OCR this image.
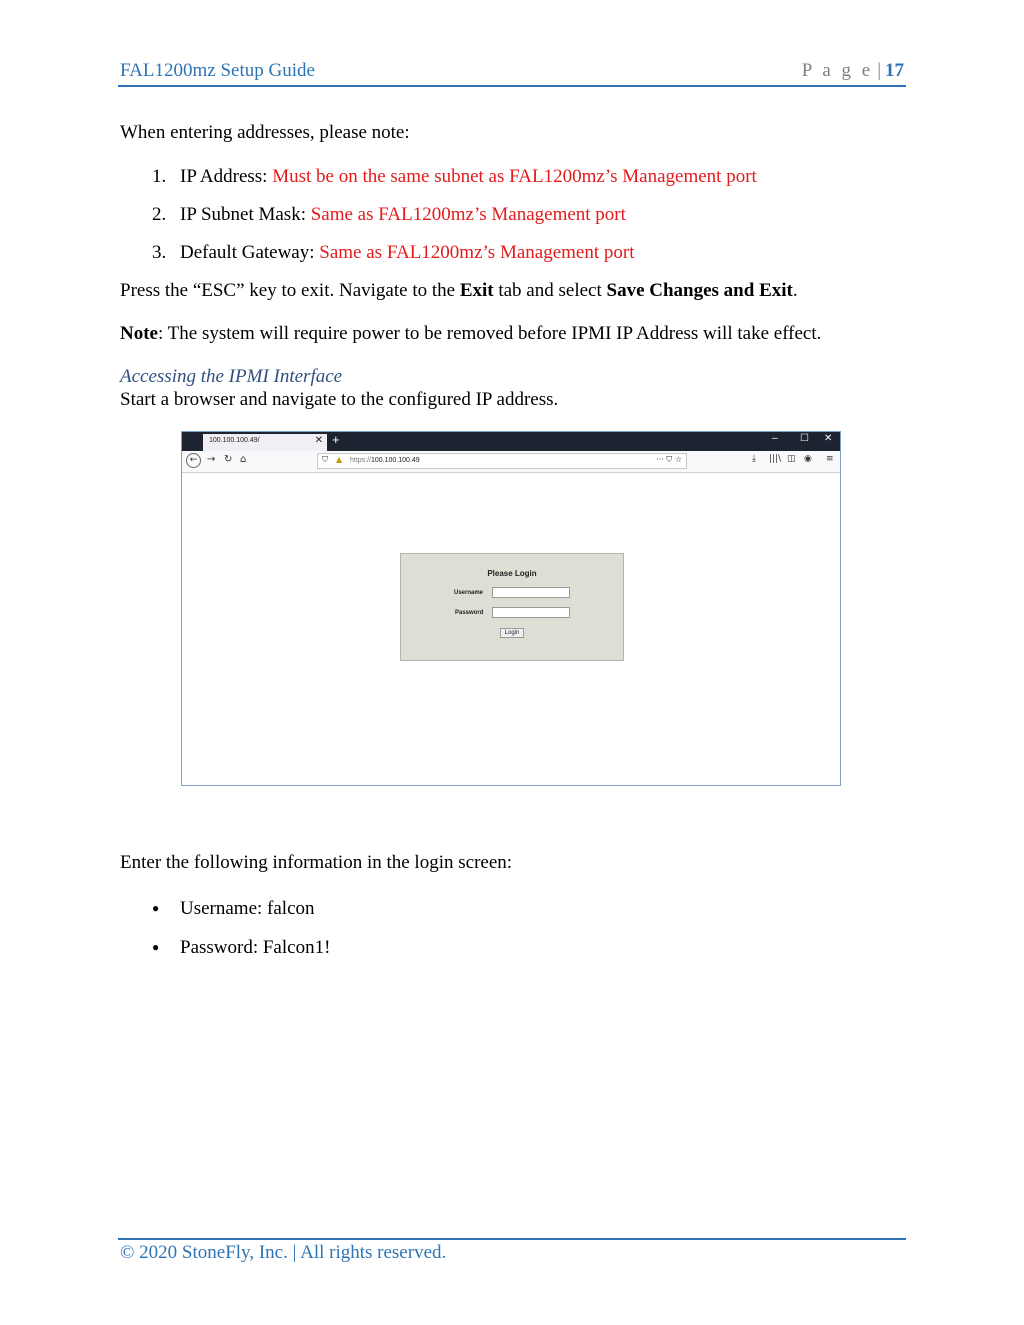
FAL1200mz Setup Guide	P a g e | 17
When entering addresses, please note:
1. IP Address: Must be on the same subnet as FAL1200mz’s Management port
2. IP Subnet Mask: Same as FAL1200mz’s Management port
3. Default Gateway: Same as FAL1200mz’s Management port
Press the “ESC” key to exit. Navigate to the Exit tab and select Save Changes and Exit.
Note: The system will require power to be removed before IPMI IP Address will take effect.
Accessing the IPMI Interface
Start a browser and navigate to the configured IP address.
100.100.100.49/	✕ +	– ☐ ✕
← → ↻ ⌂	⛉ ▲ https://100.100.100.49	··· ⛉ ☆	⤓ |||\ ◫ ◉ ≡
Please Login
Username
Password
Login
Enter the following information in the login screen:
● Username: falcon
● Password: Falcon1!
© 2020 StoneFly, Inc. | All rights reserved.
